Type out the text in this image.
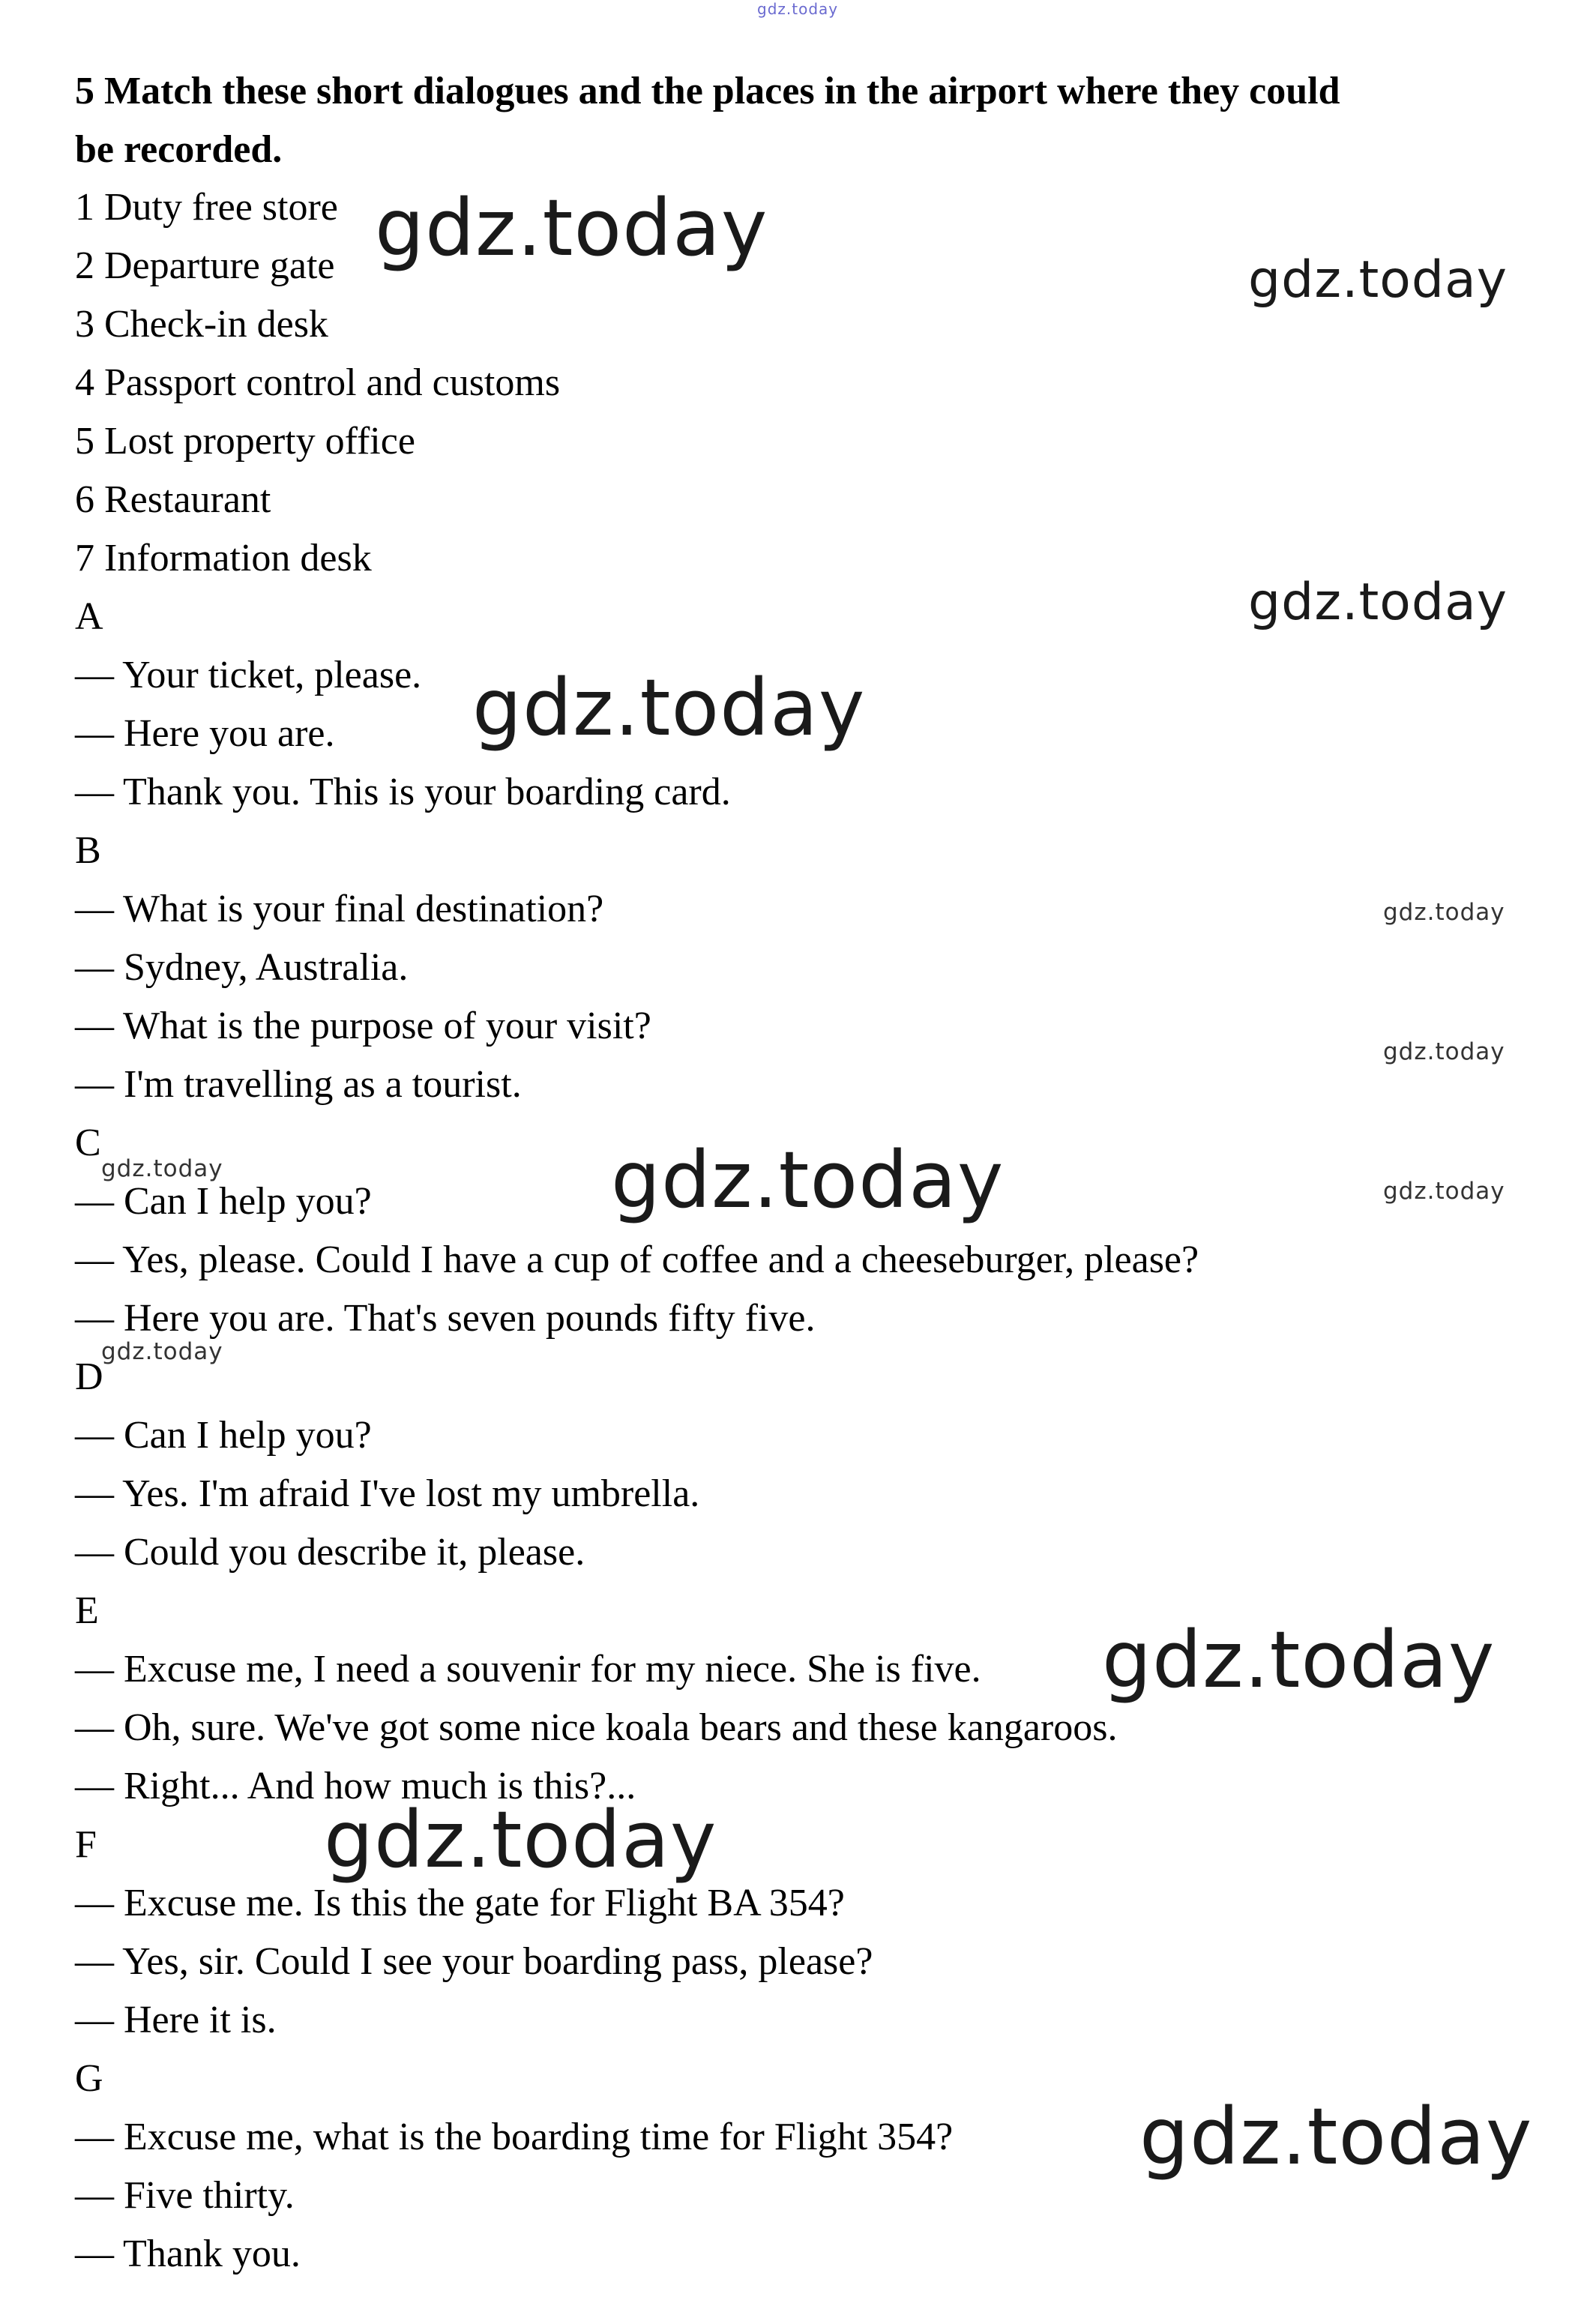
gdz.today
5 Match these short dialogues and the places in the airport where they could
be recorded.
1 Duty free store
2 Departure gate
3 Check-in desk
4 Passport control and customs
5 Lost property office
6 Restaurant
7 Information desk
A
— Your ticket, please.
— Here you are.
— Thank you. This is your boarding card.
B
— What is your final destination?
— Sydney, Australia.
— What is the purpose of your visit?
— I'm travelling as a tourist.
C
— Can I help you?
— Yes, please. Could I have a cup of coffee and a cheeseburger, please?
— Here you are. That's seven pounds fifty five.
D
— Can I help you?
— Yes. I'm afraid I've lost my umbrella.
— Could you describe it, please.
E
— Excuse me, I need a souvenir for my niece. She is five.
— Oh, sure. We've got some nice koala bears and these kangaroos.
— Right... And how much is this?...
F
— Excuse me. Is this the gate for Flight BA 354?
— Yes, sir. Could I see your boarding pass, please?
— Here it is.
G
— Excuse me, what is the boarding time for Flight 354?
— Five thirty.
— Thank you.
gdz.today
gdz.today
gdz.today
gdz.today
gdz.today
gdz.today
gdz.today	gdz.today	gdz.today
gdz.today
gdz.today
gdz.today
gdz.today
